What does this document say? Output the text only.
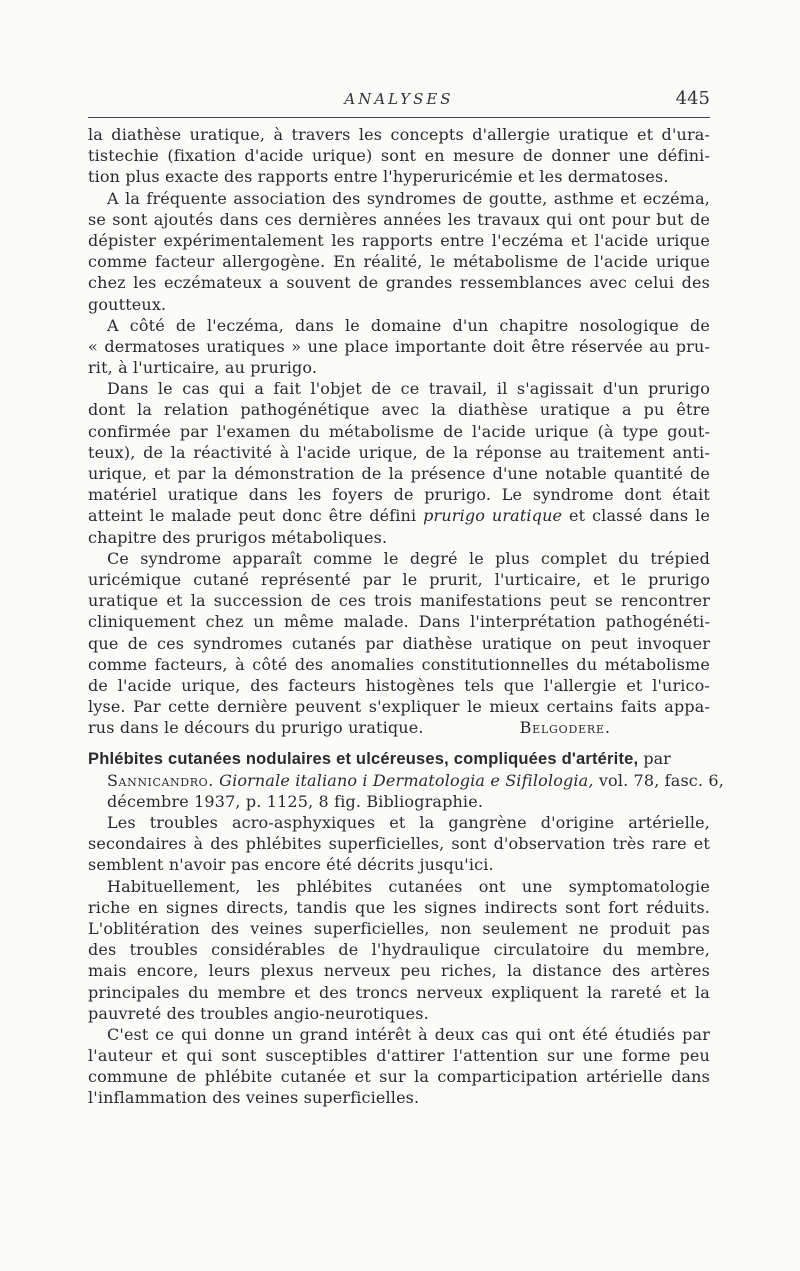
ANALYSES	445
la diathèse uratique, à travers les concepts d'allergie uratique et d'ura-
tistechie (fixation d'acide urique) sont en mesure de donner une défini-
tion plus exacte des rapports entre l'hyperuricémie et les dermatoses.
A la fréquente association des syndromes de goutte, asthme et eczéma,
se sont ajoutés dans ces dernières années les travaux qui ont pour but de
dépister expérimentalement les rapports entre l'eczéma et l'acide urique
comme facteur allergogène. En réalité, le métabolisme de l'acide urique
chez les eczémateux a souvent de grandes ressemblances avec celui des
goutteux.
A côté de l'eczéma, dans le domaine d'un chapitre nosologique de
« dermatoses uratiques » une place importante doit être réservée au pru-
rit, à l'urticaire, au prurigo.
Dans le cas qui a fait l'objet de ce travail, il s'agissait d'un prurigo
dont la relation pathogénétique avec la diathèse uratique a pu être
confirmée par l'examen du métabolisme de l'acide urique (à type gout-
teux), de la réactivité à l'acide urique, de la réponse au traitement anti-
urique, et par la démonstration de la présence d'une notable quantité de
matériel uratique dans les foyers de prurigo. Le syndrome dont était
atteint le malade peut donc être défini prurigo uratique et classé dans le
chapitre des prurigos métaboliques.
Ce syndrome apparaît comme le degré le plus complet du trépied
uricémique cutané représenté par le prurit, l'urticaire, et le prurigo
uratique et la succession de ces trois manifestations peut se rencontrer
cliniquement chez un même malade. Dans l'interprétation pathogénéti-
que de ces syndromes cutanés par diathèse uratique on peut invoquer
comme facteurs, à côté des anomalies constitutionnelles du métabolisme
de l'acide urique, des facteurs histogènes tels que l'allergie et l'urico-
lyse. Par cette dernière peuvent s'expliquer le mieux certains faits appa-
rus dans le décours du prurigo uratique.	Belgodere.
Phlébites cutanées nodulaires et ulcéreuses, compliquées d'artérite, par
Sannicandro. Giornale italiano i Dermatologia e Sifilologia, vol. 78, fasc. 6,
décembre 1937, p. 1125, 8 fig. Bibliographie.
Les troubles acro-asphyxiques et la gangrène d'origine artérielle,
secondaires à des phlébites superficielles, sont d'observation très rare et
semblent n'avoir pas encore été décrits jusqu'ici.
Habituellement, les phlébites cutanées ont une symptomatologie
riche en signes directs, tandis que les signes indirects sont fort réduits.
L'oblitération des veines superficielles, non seulement ne produit pas
des troubles considérables de l'hydraulique circulatoire du membre,
mais encore, leurs plexus nerveux peu riches, la distance des artères
principales du membre et des troncs nerveux expliquent la rareté et la
pauvreté des troubles angio-neurotiques.
C'est ce qui donne un grand intérêt à deux cas qui ont été étudiés par
l'auteur et qui sont susceptibles d'attirer l'attention sur une forme peu
commune de phlébite cutanée et sur la comparticipation artérielle dans
l'inflammation des veines superficielles.
